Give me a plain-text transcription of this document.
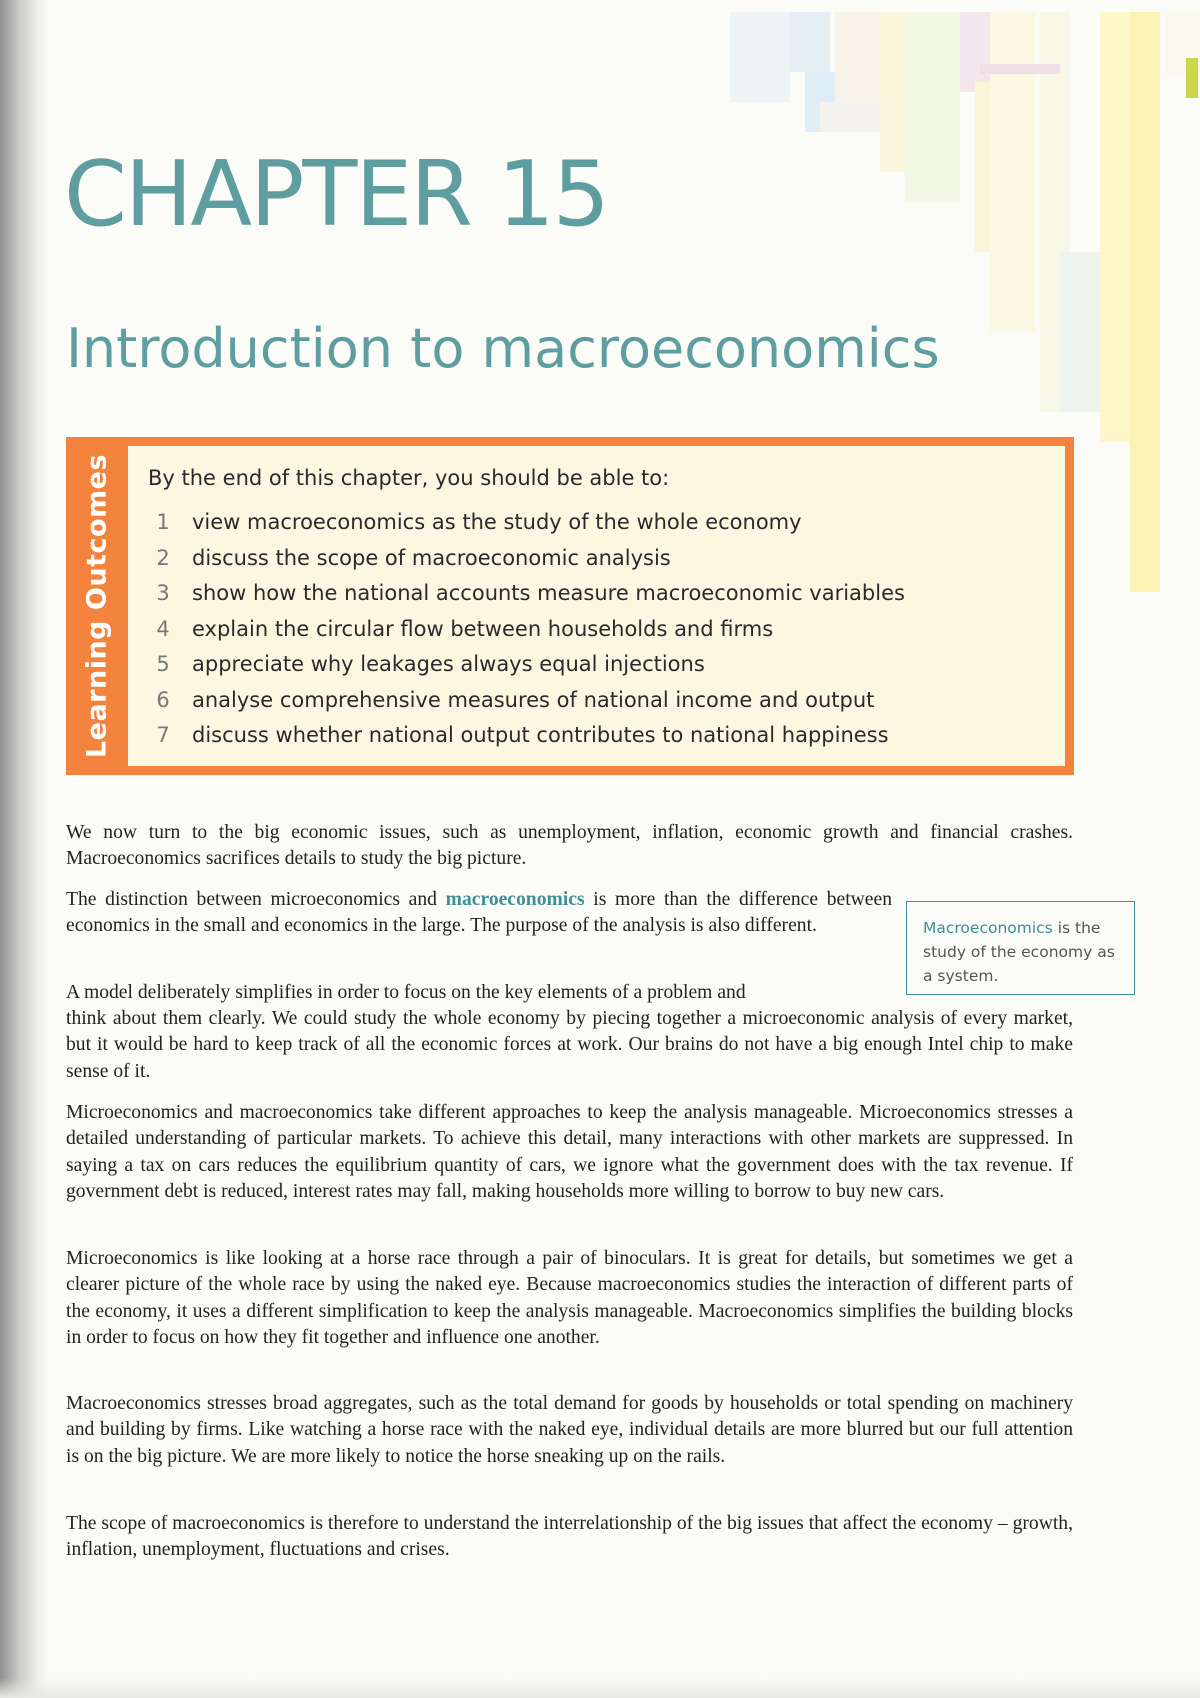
CHAPTER 15
Introduction to macroeconomics
Learning Outcomes By the end of this chapter, you should be able to:
1 view macroeconomics as the study of the whole economy
2 discuss the scope of macroeconomic analysis
3 show how the national accounts measure macroeconomic variables
4 explain the circular flow between households and firms
5 appreciate why leakages always equal injections
6 analyse comprehensive measures of national income and output
7 discuss whether national output contributes to national happiness

We now turn to the big economic issues, such as unemployment, inflation, economic growth and financial crashes. Macroeconomics sacrifices details to study the big picture.

The distinction between microeconomics and macroeconomics is more than the difference between economics in the small and economics in the large. The purpose of the analysis is also different.	Macroeconomics is the study of the economy as a system.

A model deliberately simplifies in order to focus on the key elements of a problem and

think about them clearly. We could study the whole economy by piecing together a microeconomic analysis of every market, but it would be hard to keep track of all the economic forces at work. Our brains do not have a big enough Intel chip to make sense of it.

Microeconomics and macroeconomics take different approaches to keep the analysis manageable. Microeconomics stresses a detailed understanding of particular markets. To achieve this detail, many interactions with other markets are suppressed. In saying a tax on cars reduces the equilibrium quantity of cars, we ignore what the government does with the tax revenue. If government debt is reduced, interest rates may fall, making households more willing to borrow to buy new cars.

Microeconomics is like looking at a horse race through a pair of binoculars. It is great for details, but sometimes we get a clearer picture of the whole race by using the naked eye. Because macroeconomics studies the interaction of different parts of the economy, it uses a different simplification to keep the analysis manageable. Macroeconomics simplifies the building blocks in order to focus on how they fit together and influence one another.

Macroeconomics stresses broad aggregates, such as the total demand for goods by households or total spending on machinery and building by firms. Like watching a horse race with the naked eye, individual details are more blurred but our full attention is on the big picture. We are more likely to notice the horse sneaking up on the rails.

The scope of macroeconomics is therefore to understand the interrelationship of the big issues that affect the economy – growth, inflation, unemployment, fluctuations and crises.
